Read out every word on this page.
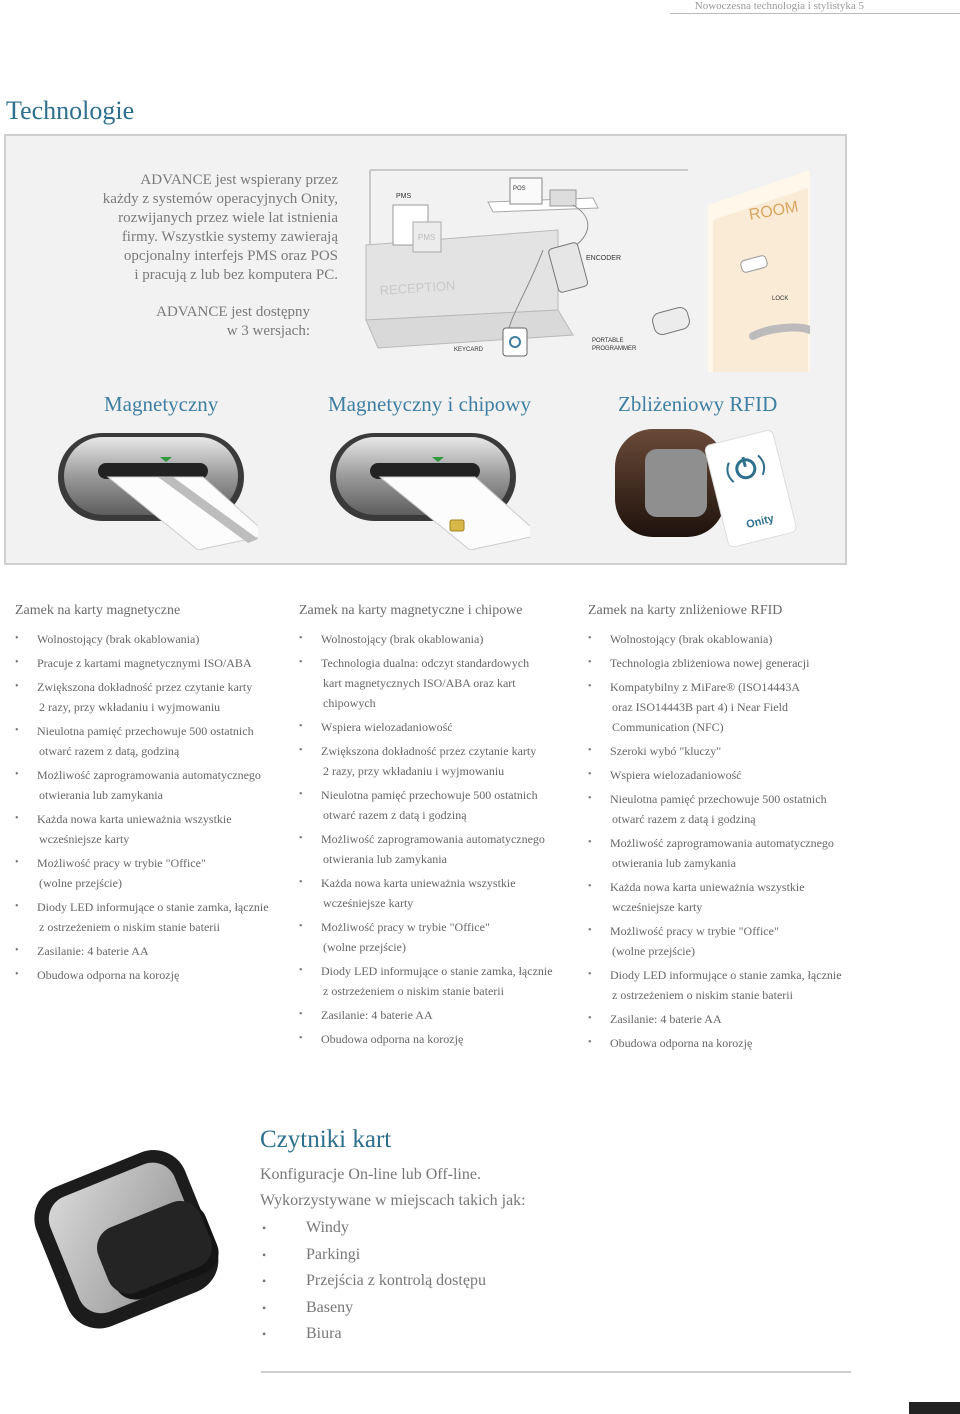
Nowoczesna technologia i stylistyka 5
Technologie
ADVANCE jest wspierany przez
każdy z systemów operacyjnych Onity,
rozwijanych przez wiele lat istnienia
firmy. Wszystkie systemy zawierają
opcjonalny interfejs PMS oraz POS
i pracują z lub bez komputera PC.
ADVANCE jest dostępny
w 3 wersjach:
RECEPTION
PMS
PMS
POS
ENCODER
KEYCARD
PORTABLE
PROGRAMMER
ROOM
LOCK
Magnetyczny	Magnetyczny i chipowy	Zbliżeniowy RFID
Onity
Zamek na karty magnetyczne
• Wolnostojący (brak okablowania)
• Pracuje z kartami magnetycznymi ISO/ABA
• Zwiększona dokładność przez czytanie karty
2 razy, przy wkładaniu i wyjmowaniu
• Nieulotna pamięć przechowuje 500 ostatnich
otwarć razem z datą, godziną
• Możliwość zaprogramowania automatycznego
otwierania lub zamykania
• Każda nowa karta unieważnia wszystkie
wcześniejsze karty
• Możliwość pracy w trybie "Office"
(wolne przejście)
• Diody LED informujące o stanie zamka, łącznie
z ostrzeżeniem o niskim stanie baterii
• Zasilanie: 4 baterie AA
• Obudowa odporna na korozję
Zamek na karty magnetyczne i chipowe
• Wolnostojący (brak okablowania)
• Technologia dualna: odczyt standardowych
kart magnetycznych ISO/ABA oraz kart
chipowych
• Wspiera wielozadaniowość
• Zwiększona dokładność przez czytanie karty
2 razy, przy wkładaniu i wyjmowaniu
• Nieulotna pamięć przechowuje 500 ostatnich
otwarć razem z datą i godziną
• Możliwość zaprogramowania automatycznego
otwierania lub zamykania
• Każda nowa karta unieważnia wszystkie
wcześniejsze karty
• Możliwość pracy w trybie "Office"
(wolne przejście)
• Diody LED informujące o stanie zamka, łącznie
z ostrzeżeniem o niskim stanie baterii
• Zasilanie: 4 baterie AA
• Obudowa odporna na korozję
Zamek na karty znliżeniowe RFID
• Wolnostojący (brak okablowania)
• Technologia zbliżeniowa nowej generacji
• Kompatybilny z MiFare® (ISO14443A
oraz ISO14443B part 4) i Near Field
Communication (NFC)
• Szeroki wybó "kluczy"
• Wspiera wielozadaniowość
• Nieulotna pamięć przechowuje 500 ostatnich
otwarć razem z datą i godziną
• Możliwość zaprogramowania automatycznego
otwierania lub zamykania
• Każda nowa karta unieważnia wszystkie
wcześniejsze karty
• Możliwość pracy w trybie "Office"
(wolne przejście)
• Diody LED informujące o stanie zamka, łącznie
z ostrzeżeniem o niskim stanie baterii
• Zasilanie: 4 baterie AA
• Obudowa odporna na korozję
Czytniki kart
Konfiguracje On-line lub Off-line.
Wykorzystywane w miejscach takich jak:
• Windy
• Parkingi
• Przejścia z kontrolą dostępu
• Baseny
• Biura
